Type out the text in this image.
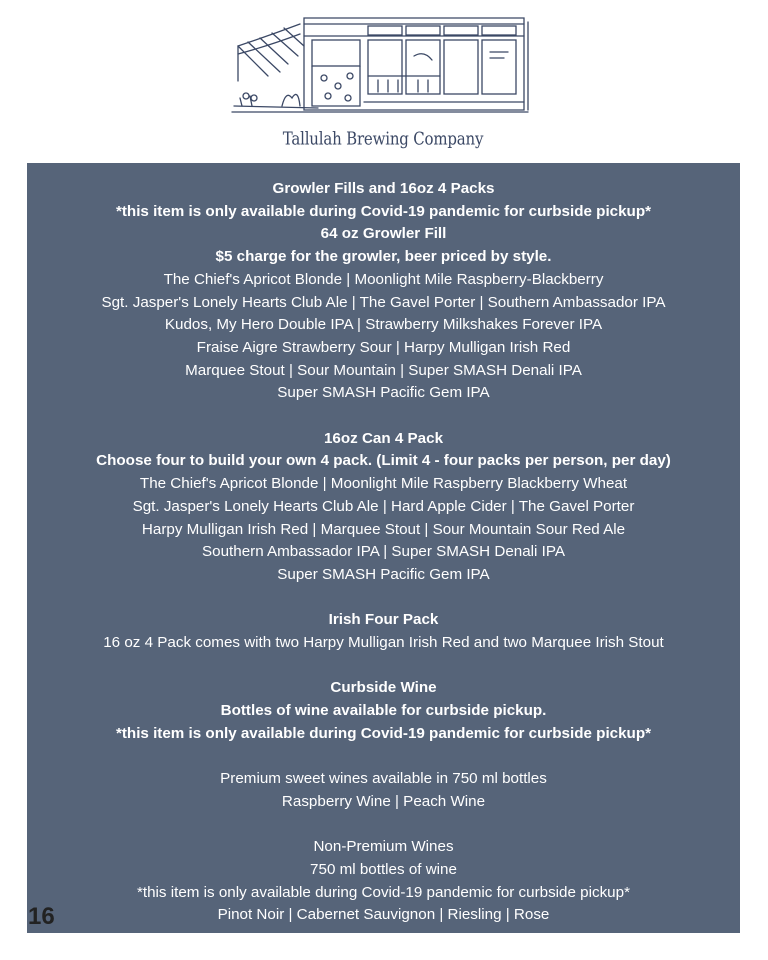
Tallulah Brewing Company
Growler Fills and 16oz 4 Packs
*this item is only available during Covid-19 pandemic for curbside pickup*
64 oz Growler Fill
$5 charge for the growler, beer priced by style.
The Chief's Apricot Blonde | Moonlight Mile Raspberry-Blackberry
Sgt. Jasper's Lonely Hearts Club Ale | The Gavel Porter | Southern Ambassador IPA
Kudos, My Hero Double IPA | Strawberry Milkshakes Forever IPA
Fraise Aigre Strawberry Sour | Harpy Mulligan Irish Red
Marquee Stout | Sour Mountain | Super SMASH Denali IPA
Super SMASH Pacific Gem IPA
16oz Can 4 Pack
Choose four to build your own 4 pack. (Limit 4 - four packs per person, per day)
The Chief's Apricot Blonde | Moonlight Mile Raspberry Blackberry Wheat
Sgt. Jasper's Lonely Hearts Club Ale | Hard Apple Cider | The Gavel Porter
Harpy Mulligan Irish Red | Marquee Stout | Sour Mountain Sour Red Ale
Southern Ambassador IPA | Super SMASH Denali IPA
Super SMASH Pacific Gem IPA
Irish Four Pack
16 oz 4 Pack comes with two Harpy Mulligan Irish Red and two Marquee Irish Stout
Curbside Wine
Bottles of wine available for curbside pickup.
*this item is only available during Covid-19 pandemic for curbside pickup*
Premium sweet wines available in 750 ml bottles
Raspberry Wine | Peach Wine
Non-Premium Wines
750 ml bottles of wine
*this item is only available during Covid-19 pandemic for curbside pickup*
Pinot Noir | Cabernet Sauvignon | Riesling | Rose
16
